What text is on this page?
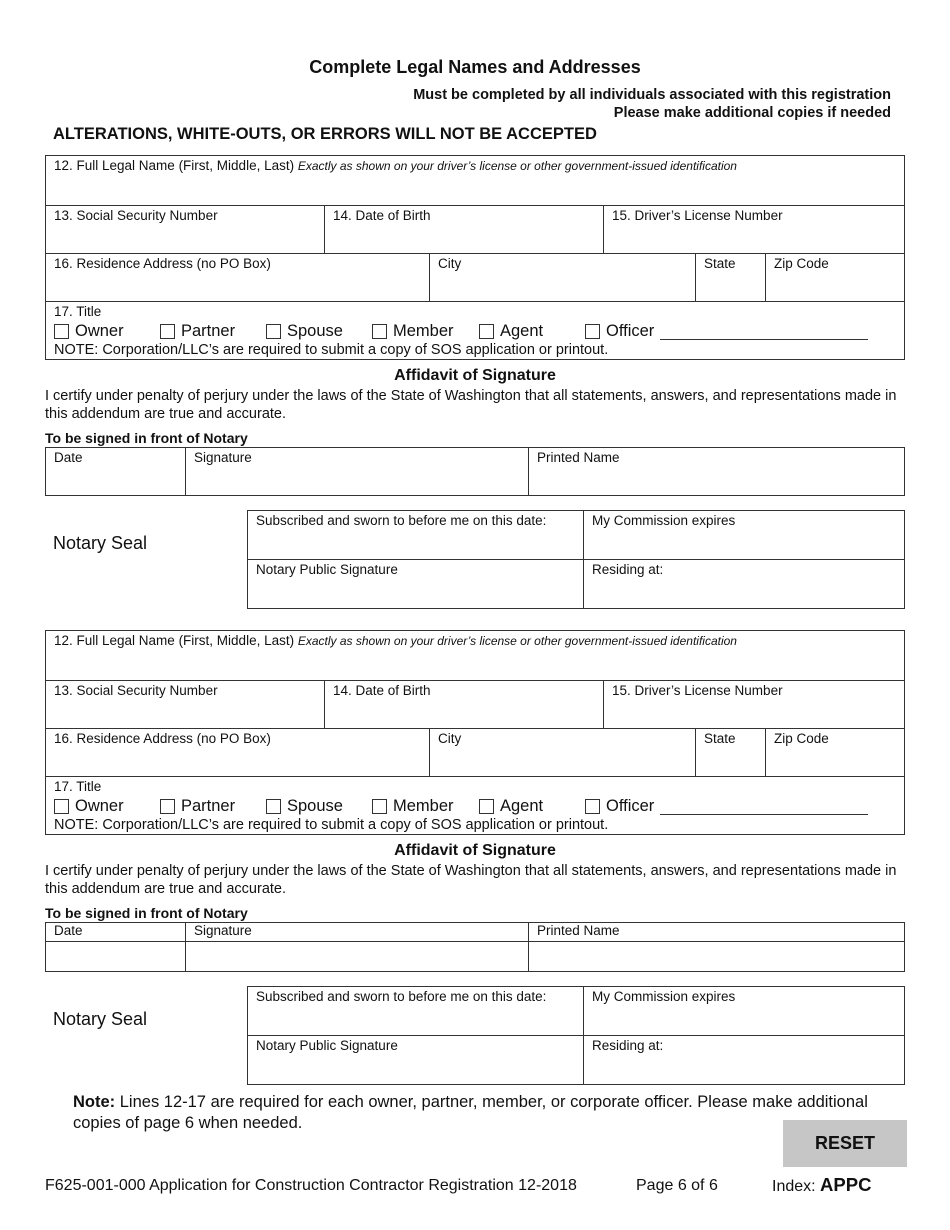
Complete Legal Names and Addresses
Must be completed by all individuals associated with this registration
Please make additional copies if needed
ALTERATIONS, WHITE-OUTS, OR ERRORS WILL NOT BE ACCEPTED
12. Full Legal Name (First, Middle, Last) Exactly as shown on your driver’s license or other government-issued identification
13. Social Security Number	14. Date of Birth	15. Driver’s License Number
16. Residence Address (no PO Box)	City	State	Zip Code
17. Title
Owner	Partner	Spouse	Member	Agent	Officer
NOTE: Corporation/LLC’s are required to submit a copy of SOS application or printout.
Affidavit of Signature
I certify under penalty of perjury under the laws of the State of Washington that all statements, answers, and representations made in this addendum are true and accurate.
To be signed in front of Notary
Date	Signature	Printed Name
Notary Seal
Subscribed and sworn to before me on this date:	My Commission expires
Notary Public Signature	Residing at:
12. Full Legal Name (First, Middle, Last) Exactly as shown on your driver’s license or other government-issued identification
13. Social Security Number	14. Date of Birth	15. Driver’s License Number
16. Residence Address (no PO Box)	City	State	Zip Code
17. Title
Owner	Partner	Spouse	Member	Agent	Officer
NOTE: Corporation/LLC’s are required to submit a copy of SOS application or printout.
Affidavit of Signature
I certify under penalty of perjury under the laws of the State of Washington that all statements, answers, and representations made in this addendum are true and accurate.
To be signed in front of Notary
Date	Signature	Printed Name
Notary Seal
Subscribed and sworn to before me on this date:	My Commission expires
Notary Public Signature	Residing at:
Note: Lines 12-17 are required for each owner, partner, member, or corporate officer. Please make additional copies of page 6 when needed.
RESET
F625-001-000 Application for Construction Contractor Registration 12-2018	Page 6 of 6	Index: APPC
